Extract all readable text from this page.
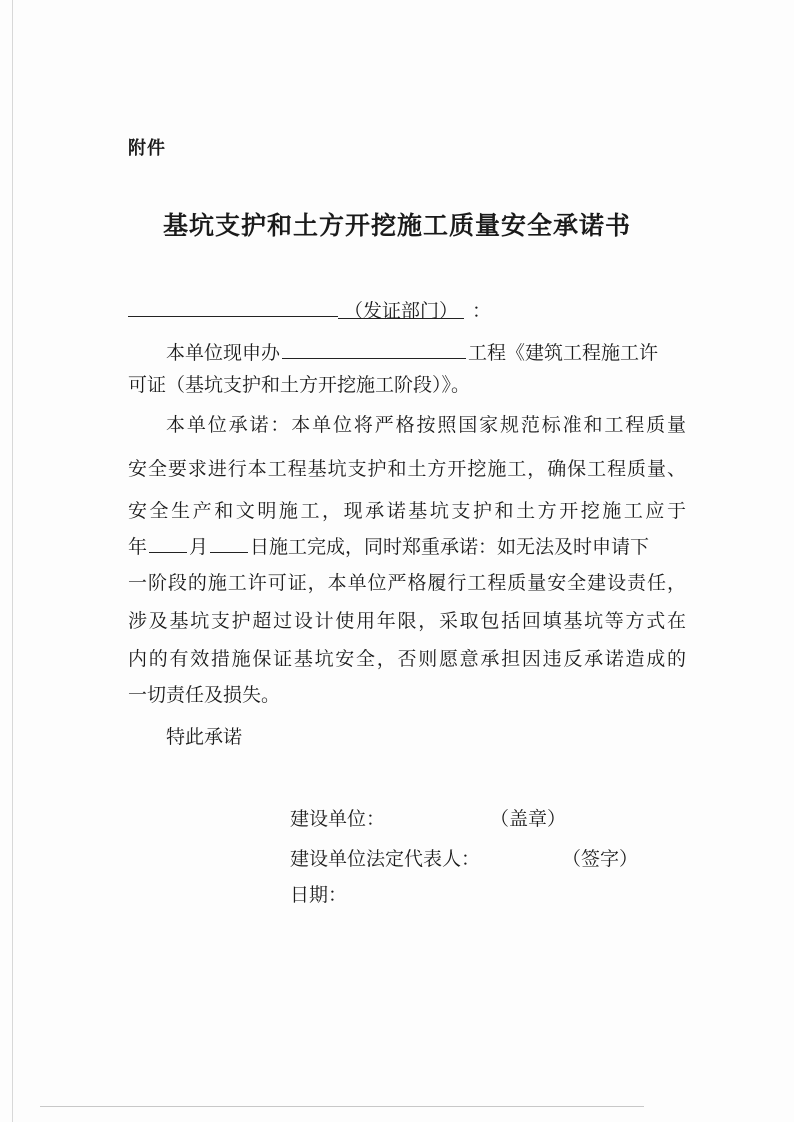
附件
基坑支护和土方开挖施工质量安全承诺书
（发证部门） ：
本单位现申办	工程《建筑工程施工许
可证（基坑支护和土方开挖施工阶段）》。
本单位承诺：本单位将严格按照国家规范标准和工程质量
安全要求进行本工程基坑支护和土方开挖施工，确保工程质量、
安全生产和文明施工，现承诺基坑支护和土方开挖施工应于
年 月 日施工完成，同时郑重承诺：如无法及时申请下
一阶段的施工许可证，本单位严格履行工程质量安全建设责任，
涉及基坑支护超过设计使用年限，采取包括回填基坑等方式在
内的有效措施保证基坑安全，否则愿意承担因违反承诺造成的
一切责任及损失。
特此承诺
建设单位：	（盖章）
建设单位法定代表人：	（签字）
日期：
